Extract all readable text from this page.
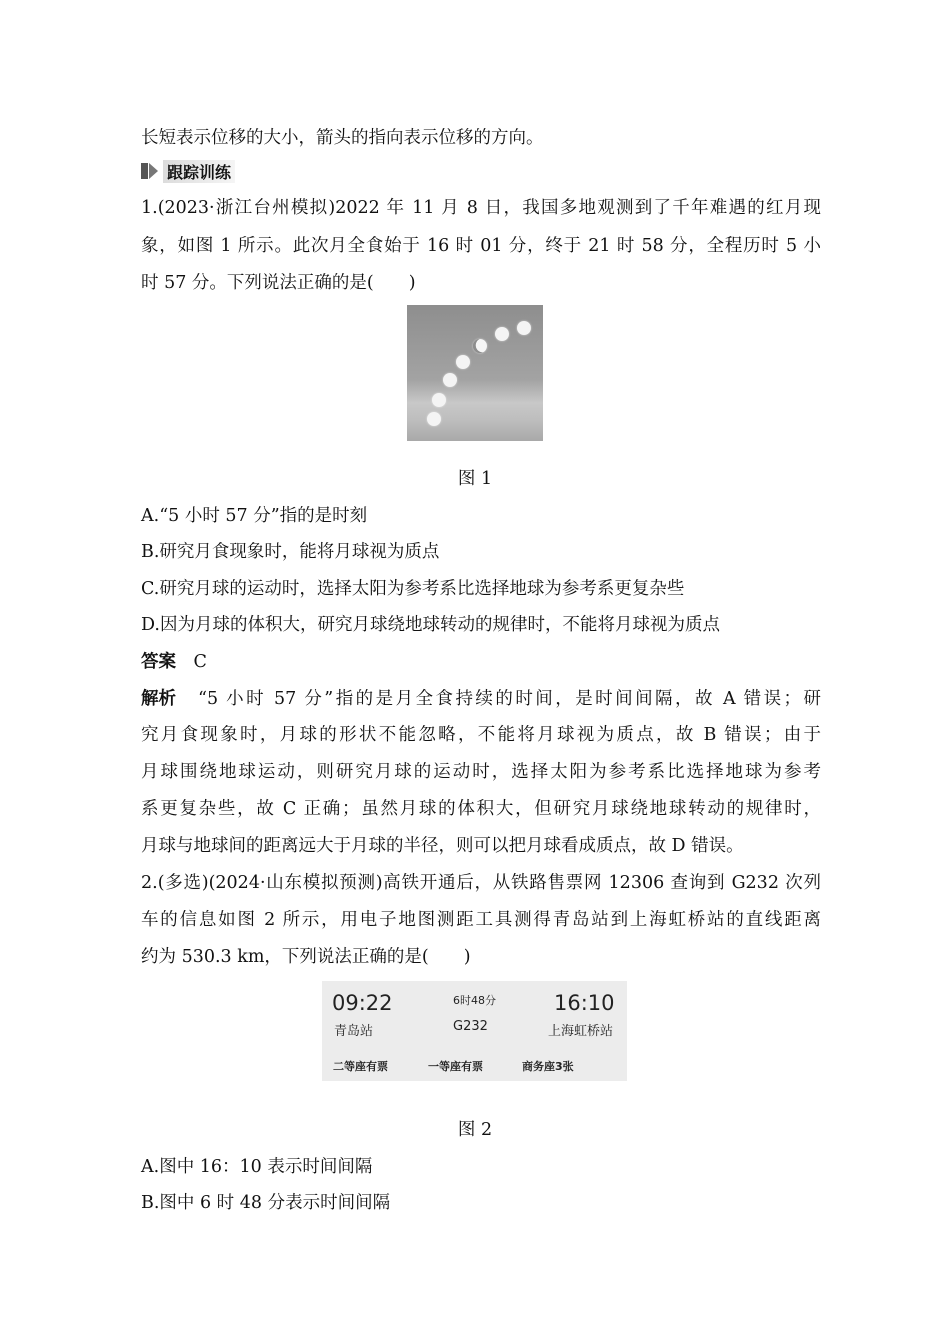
长短表示位移的大小，箭头的指向表示位移的方向。
跟踪训练
1.(2023·浙江台州模拟)2022 年 11 月 8 日，我国多地观测到了千年难遇的红月现
象，如图 1 所示。此次月全食始于 16 时 01 分，终于 21 时 58 分，全程历时 5 小
时 57 分。下列说法正确的是(　　)
图 1
A.“5 小时 57 分”指的是时刻
B.研究月食现象时，能将月球视为质点
C.研究月球的运动时，选择太阳为参考系比选择地球为参考系更复杂些
D.因为月球的体积大，研究月球绕地球转动的规律时，不能将月球视为质点
答案　 C
解析 “5 小时 57 分”指的是月全食持续的时间，是时间间隔，故 A 错误；研
究月食现象时，月球的形状不能忽略，不能将月球视为质点，故 B 错误；由于
月球围绕地球运动，则研究月球的运动时，选择太阳为参考系比选择地球为参考
系更复杂些，故 C 正确；虽然月球的体积大，但研究月球绕地球转动的规律时，
月球与地球间的距离远大于月球的半径，则可以把月球看成质点，故 D 错误。
2.(多选)(2024·山东模拟预测)高铁开通后，从铁路售票网 12306 查询到 G232 次列
车的信息如图 2 所示，用电子地图测距工具测得青岛站到上海虹桥站的直线距离
约为 530.3 km，下列说法正确的是(　　)
09:22
青岛站
6时48分
G232
16:10
上海虹桥站
二等座有票	一等座有票	商务座3张
图 2
A.图中 16：10 表示时间间隔
B.图中 6 时 48 分表示时间间隔
